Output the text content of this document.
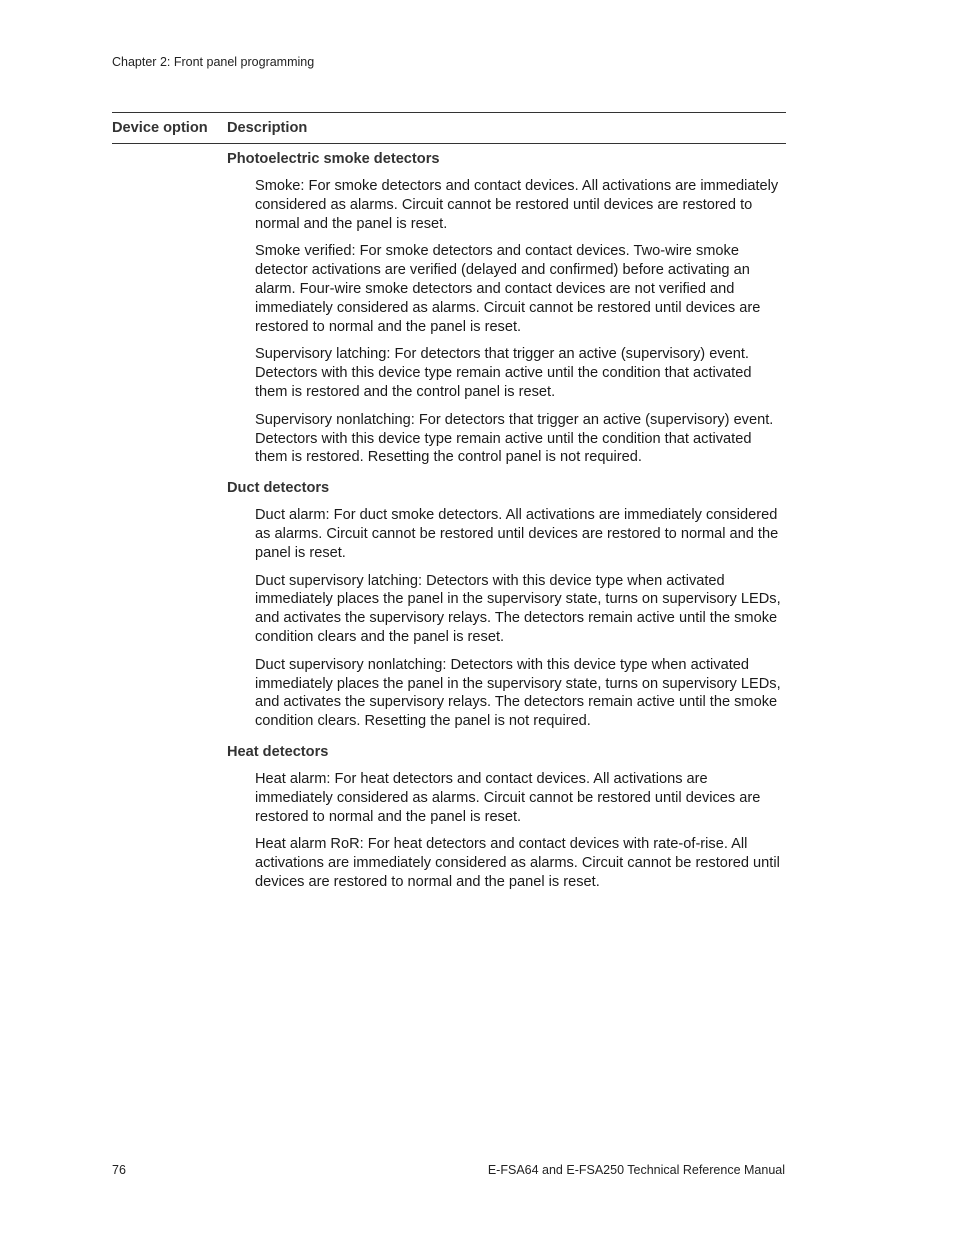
Chapter 2: Front panel programming
Device option	Description
Photoelectric smoke detectors

Smoke: For smoke detectors and contact devices. All activations are immediately considered as alarms. Circuit cannot be restored until devices are restored to normal and the panel is reset.

Smoke verified: For smoke detectors and contact devices. Two-wire smoke detector activations are verified (delayed and confirmed) before activating an alarm. Four-wire smoke detectors and contact devices are not verified and immediately considered as alarms. Circuit cannot be restored until devices are restored to normal and the panel is reset.

Supervisory latching: For detectors that trigger an active (supervisory) event. Detectors with this device type remain active until the condition that activated them is restored and the control panel is reset.

Supervisory nonlatching: For detectors that trigger an active (supervisory) event. Detectors with this device type remain active until the condition that activated them is restored. Resetting the control panel is not required.

Duct detectors

Duct alarm: For duct smoke detectors. All activations are immediately considered as alarms. Circuit cannot be restored until devices are restored to normal and the panel is reset.

Duct supervisory latching: Detectors with this device type when activated immediately places the panel in the supervisory state, turns on supervisory LEDs, and activates the supervisory relays. The detectors remain active until the smoke condition clears and the panel is reset.

Duct supervisory nonlatching: Detectors with this device type when activated immediately places the panel in the supervisory state, turns on supervisory LEDs, and activates the supervisory relays. The detectors remain active until the smoke condition clears. Resetting the panel is not required.

Heat detectors

Heat alarm: For heat detectors and contact devices. All activations are immediately considered as alarms. Circuit cannot be restored until devices are restored to normal and the panel is reset.

Heat alarm RoR: For heat detectors and contact devices with rate-of-rise. All activations are immediately considered as alarms. Circuit cannot be restored until devices are restored to normal and the panel is reset.

76	E-FSA64 and E-FSA250 Technical Reference Manual
